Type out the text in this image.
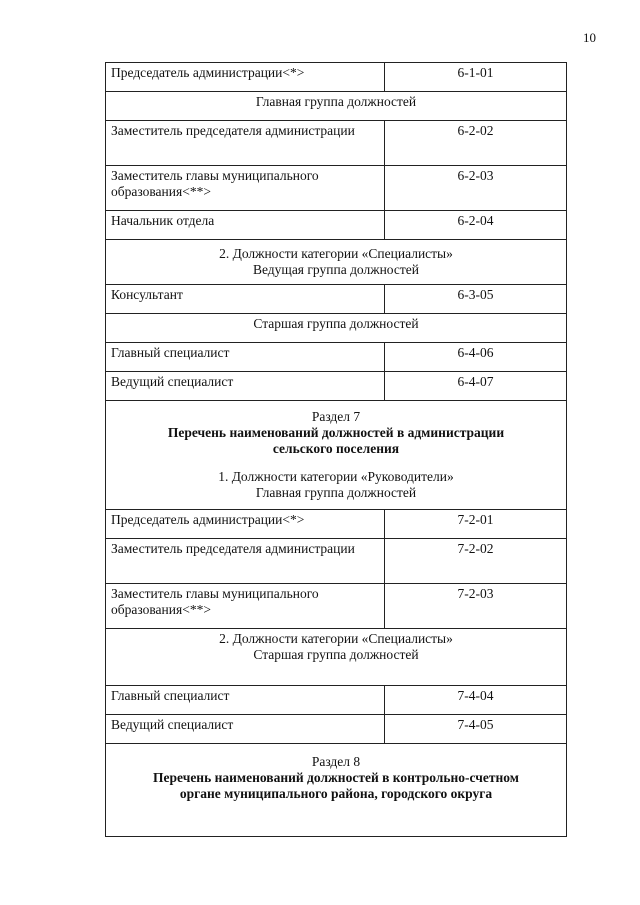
10
Председатель администрации<*>	6-1-01
Главная группа должностей	
Заместитель председателя администрации	6-2-02
Заместитель главы муниципального образования<**>	6-2-03
Начальник отдела	6-2-04
2. Должности категории «Специалисты»
Ведущая группа должностей	
Консультант	6-3-05
Старшая группа должностей	
Главный специалист	6-4-06
Ведущий специалист	6-4-07
Раздел 7
Перечень наименований должностей в администрации
сельского поселения
1. Должности категории «Руководители»
Главная группа должностей	
Председатель администрации<*>	7-2-01
Заместитель председателя администрации	7-2-02
Заместитель главы муниципального образования<**>	7-2-03
2. Должности категории «Специалисты»
Старшая группа должностей	
Главный специалист	7-4-04
Ведущий специалист	7-4-05
Раздел 8
Перечень наименований должностей в контрольно-счетном
органе муниципального района, городского округа	
